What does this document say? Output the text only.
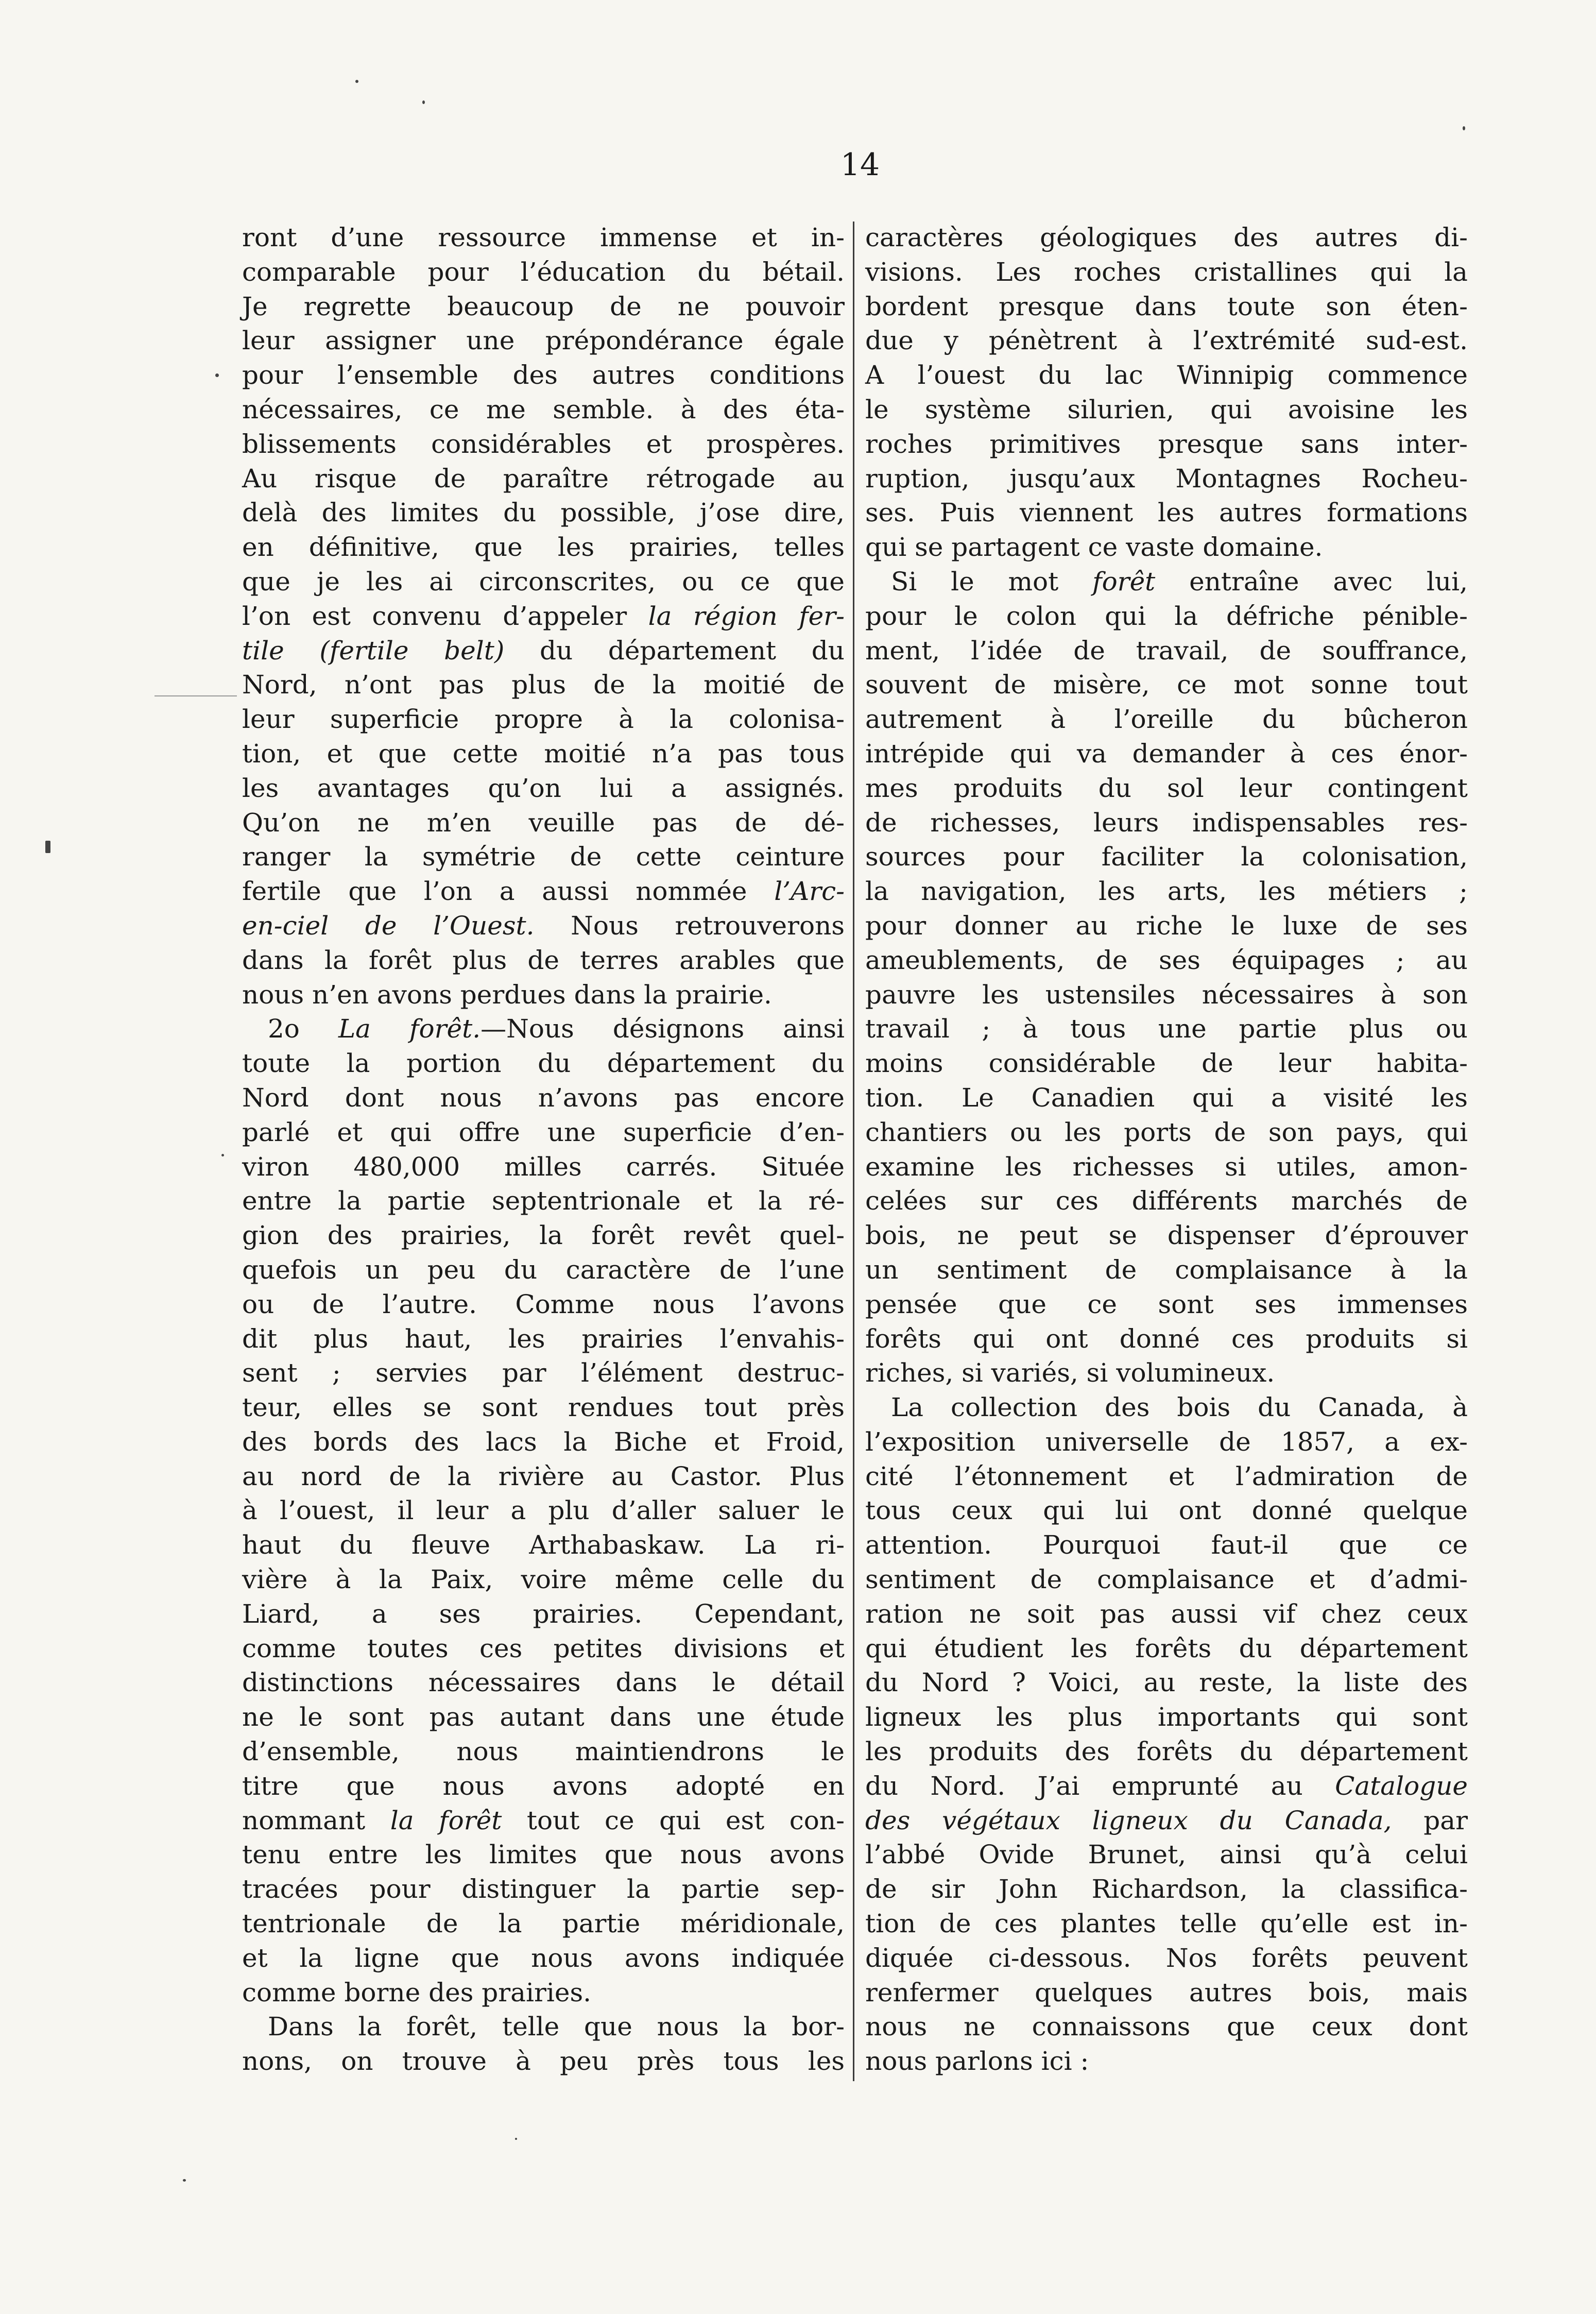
14
ront d’une ressource immense et in-
comparable pour l’éducation du bétail.
Je regrette beaucoup de ne pouvoir
leur assigner une prépondérance égale
pour l’ensemble des autres conditions
nécessaires, ce me semble. à des éta-
blissements considérables et prospères.
Au risque de paraître rétrogade au
delà des limites du possible, j’ose dire,
en définitive, que les prairies, telles
que je les ai circonscrites, ou ce que
l’on est convenu d’appeler la région fer-
tile (fertile belt) du département du
Nord, n’ont pas plus de la moitié de
leur superficie propre à la colonisa-
tion, et que cette moitié n’a pas tous
les avantages qu’on lui a assignés.
Qu’on ne m’en veuille pas de dé-
ranger la symétrie de cette ceinture
fertile que l’on a aussi nommée l’Arc-
en-ciel de l’Ouest. Nous retrouverons
dans la forêt plus de terres arables que
nous n’en avons perdues dans la prairie.
2o La forêt.—Nous désignons ainsi
toute la portion du département du
Nord dont nous n’avons pas encore
parlé et qui offre une superficie d’en-
viron 480,000 milles carrés. Située
entre la partie septentrionale et la ré-
gion des prairies, la forêt revêt quel-
quefois un peu du caractère de l’une
ou de l’autre. Comme nous l’avons
dit plus haut, les prairies l’envahis-
sent ; servies par l’élément destruc-
teur, elles se sont rendues tout près
des bords des lacs la Biche et Froid,
au nord de la rivière au Castor. Plus
à l’ouest, il leur a plu d’aller saluer le
haut du fleuve Arthabaskaw. La ri-
vière à la Paix, voire même celle du
Liard, a ses prairies. Cependant,
comme toutes ces petites divisions et
distinctions nécessaires dans le détail
ne le sont pas autant dans une étude
d’ensemble, nous maintiendrons le
titre que nous avons adopté en
nommant la forêt tout ce qui est con-
tenu entre les limites que nous avons
tracées pour distinguer la partie sep-
tentrionale de la partie méridionale,
et la ligne que nous avons indiquée
comme borne des prairies.
Dans la forêt, telle que nous la bor-
nons, on trouve à peu près tous les
caractères géologiques des autres di-
visions. Les roches cristallines qui la
bordent presque dans toute son éten-
due y pénètrent à l’extrémité sud-est.
A l’ouest du lac Winnipig commence
le système silurien, qui avoisine les
roches primitives presque sans inter-
ruption, jusqu’aux Montagnes Rocheu-
ses. Puis viennent les autres formations
qui se partagent ce vaste domaine.
Si le mot forêt entraîne avec lui,
pour le colon qui la défriche pénible-
ment, l’idée de travail, de souffrance,
souvent de misère, ce mot sonne tout
autrement à l’oreille du bûcheron
intrépide qui va demander à ces énor-
mes produits du sol leur contingent
de richesses, leurs indispensables res-
sources pour faciliter la colonisation,
la navigation, les arts, les métiers ;
pour donner au riche le luxe de ses
ameublements, de ses équipages ; au
pauvre les ustensiles nécessaires à son
travail ; à tous une partie plus ou
moins considérable de leur habita-
tion. Le Canadien qui a visité les
chantiers ou les ports de son pays, qui
examine les richesses si utiles, amon-
celées sur ces différents marchés de
bois, ne peut se dispenser d’éprouver
un sentiment de complaisance à la
pensée que ce sont ses immenses
forêts qui ont donné ces produits si
riches, si variés, si volumineux.
La collection des bois du Canada, à
l’exposition universelle de 1857, a ex-
cité l’étonnement et l’admiration de
tous ceux qui lui ont donné quelque
attention. Pourquoi faut-il que ce
sentiment de complaisance et d’admi-
ration ne soit pas aussi vif chez ceux
qui étudient les forêts du département
du Nord ? Voici, au reste, la liste des
ligneux les plus importants qui sont
les produits des forêts du département
du Nord. J’ai emprunté au Catalogue
des végétaux ligneux du Canada, par
l’abbé Ovide Brunet, ainsi qu’à celui
de sir John Richardson, la classifica-
tion de ces plantes telle qu’elle est in-
diquée ci-dessous. Nos forêts peuvent
renfermer quelques autres bois, mais
nous ne connaissons que ceux dont
nous parlons ici :
